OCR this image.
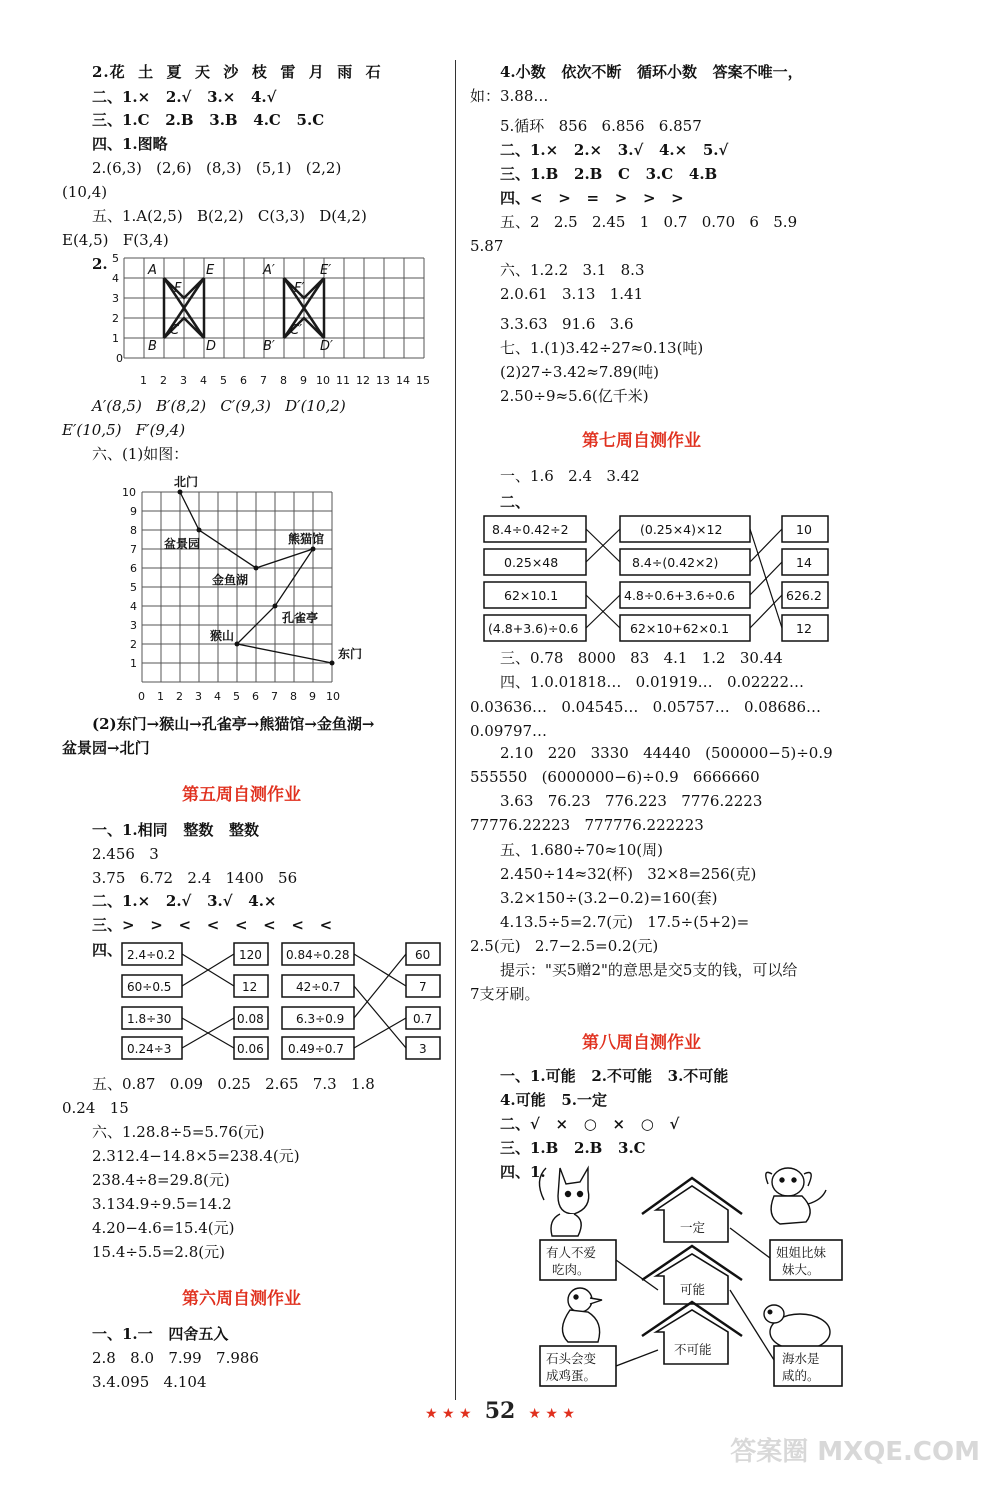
2.花  土  夏  天  沙  枝  雷  月  雨  石
二、1.×   2.√   3.×   4.√
三、1.C   2.B   3.B   4.C   5.C
四、1.图略
2.(6,3)   (2,6)   (8,3)   (5,1)   (2,2)
(10,4)
五、1.A(2,5)   B(2,2)   C(3,3)   D(4,2)
E(4,5)   F(3,4)
2.
0
1 2 3 4 5 6 7 8 9 10 11 12 13 14 15
1
2
3
4
5
A
B
C
D
E
F
A′
B′
C′
D′
E′
F′
A′(8,5)   B′(8,2)   C′(9,3)   D′(10,2)
E′(10,5)   F′(9,4)
六、(1)如图：
0 1 2 3 4 5 6 7 8 9 10
1
2
3
4
5
6
7
8
9
10
北门
盆景园	熊猫馆
金鱼湖
孔雀亭
猴山
东门
(2)东门→猴山→孔雀亭→熊猫馆→金鱼湖→
盆景园→北门
第五周自测作业
一、1.相同   整数   整数
2.456   3
3.75   6.72   2.4   1400   56
二、1.×   2.√   3.√   4.×
三、>   >   <   <   <   <   <   <
四、 2.4÷0.2
60÷0.5
1.8÷30
0.24÷3
120
12
0.08
0.06
0.84÷0.28
42÷0.7
6.3÷0.9
0.49÷0.7
60
7
0.7
3
五、0.87   0.09   0.25   2.65   7.3   1.8
0.24   15
六、1.28.8÷5=5.76(元)
2.312.4−14.8×5=238.4(元)
238.4÷8=29.8(元)
3.134.9÷9.5=14.2
4.20−4.6=15.4(元)
15.4÷5.5=2.8(元)
第六周自测作业
一、1.一   四舍五入
2.8   8.0   7.99   7.986
3.4.095   4.104
4.小数   依次不断   循环小数   答案不唯一，
如：3.88…
5.循环   856   6.856   6.857
二、1.×   2.×   3.√   4.×   5.√
三、1.B   2.B   C   3.C   4.B
四、<   >   =   >   >   >
五、2   2.5   2.45   1   0.7   0.70   6   5.9
5.87
六、1.2.2   3.1   8.3
2.0.61   3.13   1.41
3.3.63   91.6   3.6
七、1.(1)3.42÷27≈0.13(吨)
(2)27÷3.42≈7.89(吨)
2.50÷9≈5.6(亿千米)
第七周自测作业
一、1.6   2.4   3.42
二、
8.4÷0.42÷2
0.25×48
62×10.1
(4.8+3.6)÷0.6
(0.25×4)×12
8.4÷(0.42×2)
4.8÷0.6+3.6÷0.6
62×10+62×0.1
10
14
626.2
12
三、0.78   8000   83   4.1   1.2   30.44
四、1.0.01818…   0.01919…   0.02222…
0.03636…   0.04545…   0.05757…   0.08686…
0.09797…
2.10   220   3330   44440   (500000−5)÷0.9
555550   (6000000−6)÷0.9   6666660
3.63   76.23   776.223   7776.2223
77776.22223   777776.222223
五、1.680÷70≈10(周)
2.450÷14≈32(杯)   32×8=256(克)
3.2×150÷(3.2−0.2)=160(套)
4.13.5÷5=2.7(元)   17.5÷(5+2)=
2.5(元)   2.7−2.5=0.2(元)
提示："买5赠2"的意思是交5支的钱，可以给
7支牙刷。
第八周自测作业
一、1.可能   2.不可能   3.不可能
4.可能   5.一定
二、√   ×   ○   ×   ○   √
三、1.B   2.B   3.C
四、1.
一定
可能
不可能
有人不爱
吃肉。
石头会变
成鸡蛋。
姐姐比妹
妹大。
海水是
咸的。
★ ★ ★ 52 ★ ★ ★
答案圈 MXQE.COM
